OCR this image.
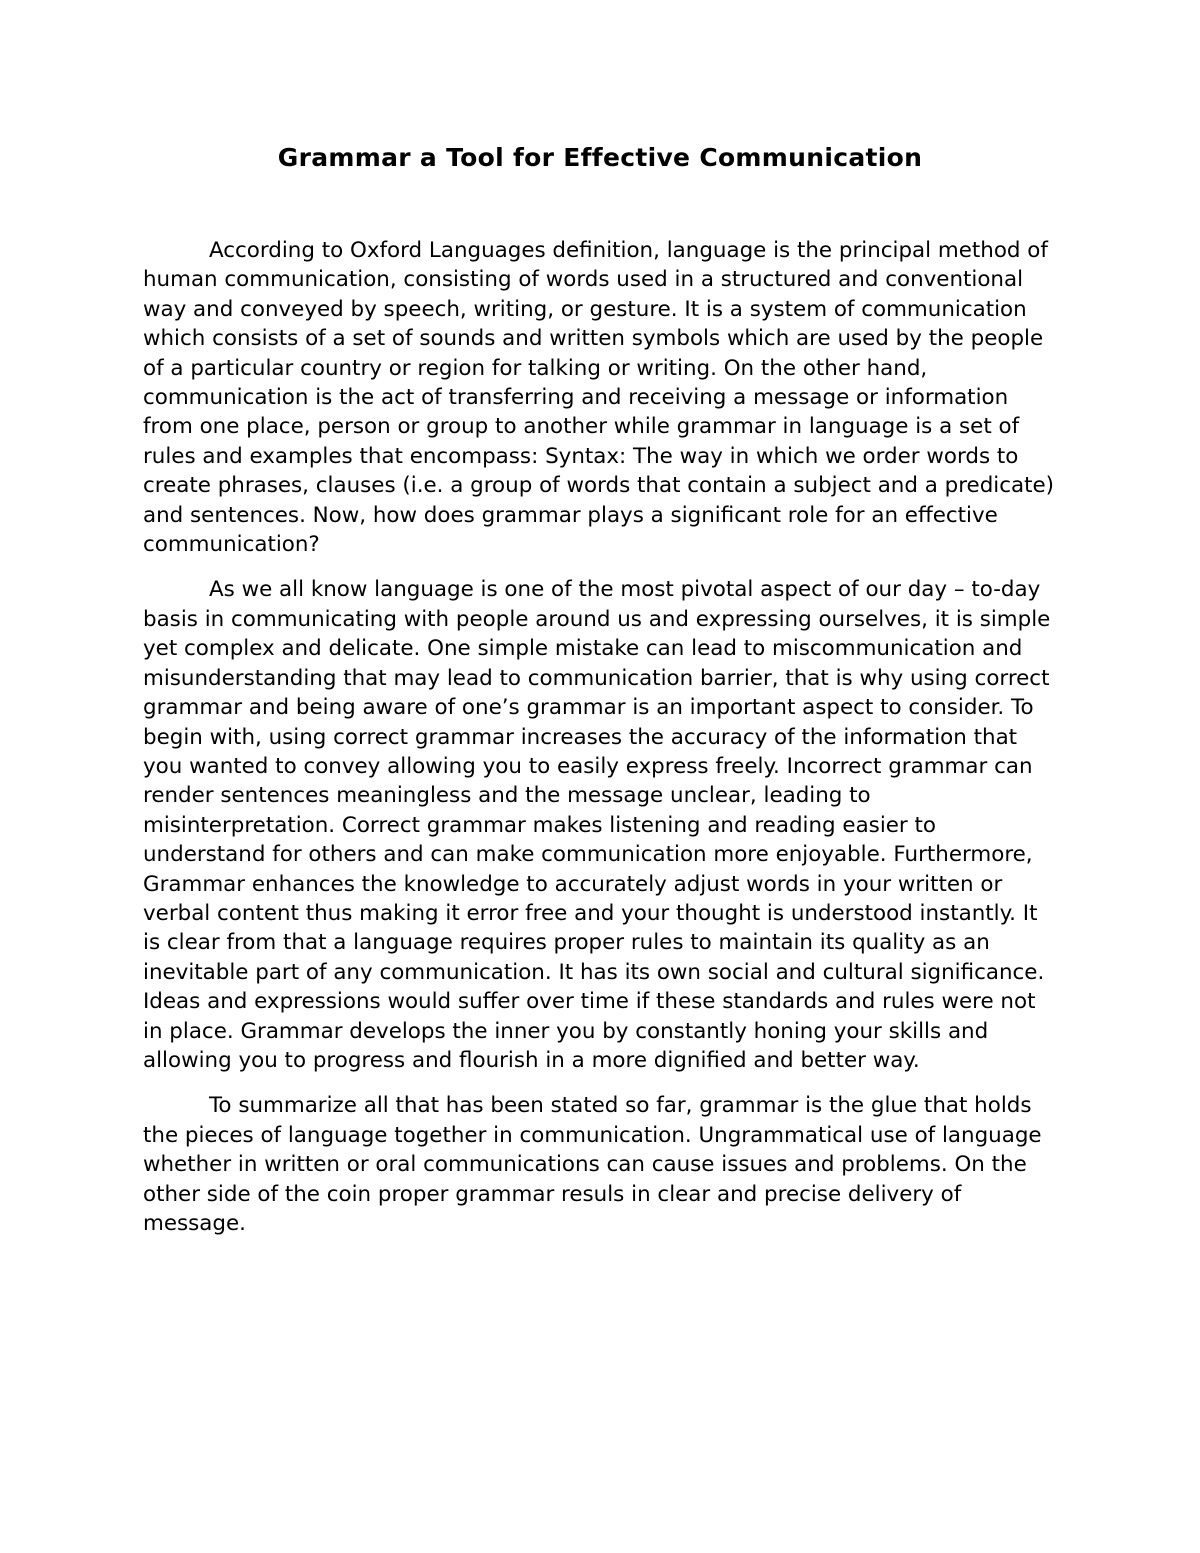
Grammar a Tool for Effective Communication

According to Oxford Languages definition, language is the principal method of human communication, consisting of words used in a structured and conventional way and conveyed by speech, writing, or gesture. It is a system of communication which consists of a set of sounds and written symbols which are used by the people of a particular country or region for talking or writing. On the other hand, communication is the act of transferring and receiving a message or information from one place, person or group to another while grammar in language is a set of rules and examples that encompass: Syntax: The way in which we order words to create phrases, clauses (i.e. a group of words that contain a subject and a predicate) and sentences. Now, how does grammar plays a significant role for an effective communication?

As we all know language is one of the most pivotal aspect of our day – to-day basis in communicating with people around us and expressing ourselves, it is simple yet complex and delicate. One simple mistake can lead to miscommunication and misunderstanding that may lead to communication barrier, that is why using correct grammar and being aware of one’s grammar is an important aspect to consider. To begin with, using correct grammar increases the accuracy of the information that you wanted to convey allowing you to easily express freely. Incorrect grammar can render sentences meaningless and the message unclear, leading to misinterpretation. Correct grammar makes listening and reading easier to understand for others and can make communication more enjoyable. Furthermore, Grammar enhances the knowledge to accurately adjust words in your written or verbal content thus making it error free and your thought is understood instantly. It is clear from that a language requires proper rules to maintain its quality as an inevitable part of any communication. It has its own social and cultural significance. Ideas and expressions would suffer over time if these standards and rules were not in place. Grammar develops the inner you by constantly honing your skills and allowing you to progress and flourish in a more dignified and better way.

To summarize all that has been stated so far, grammar is the glue that holds the pieces of language together in communication. Ungrammatical use of language whether in written or oral communications can cause issues and problems. On the other side of the coin proper grammar resuls in clear and precise delivery of message.
